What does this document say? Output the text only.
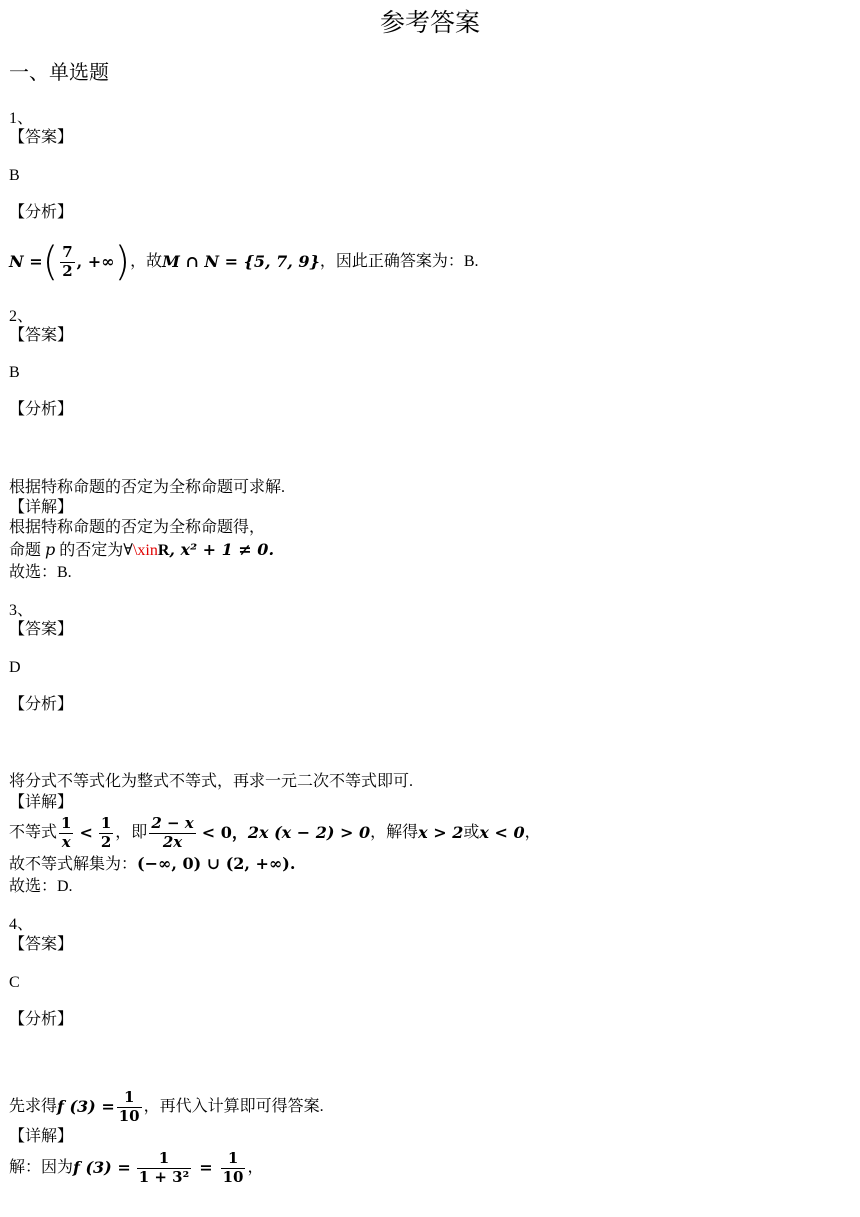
参考答案
一、单选题
1、
【答案】
B
【分析】
N = ( $\frac{7}{2}$ , +∞ ) ，故 M ∩ N = {5, 7, 9} ，因此正确答案为：B.
2、
【答案】
B
【分析】
根据特称命题的否定为全称命题可求解.
【详解】
根据特称命题的否定为全称命题得，
命题 p 的否定为∀\xinR, x² + 1 ≠ 0.
故选：B.
3、
【答案】
D
【分析】
将分式不等式化为整式不等式，再求一元二次不等式即可.
【详解】
不等式 $\frac{1}{x} < \frac{1}{2}$ ，即 $\frac{2 - x}{2x} < 0$， 2x (x − 2) > 0 ，解得 x > 2 或 x < 0 ，
故不等式解集为：(−∞, 0) ∪ (2, +∞).
故选：D.
4、
【答案】
C
【分析】
先求得 f $(3) = \frac{1}{10}$ ，再代入计算即可得答案.
【详解】
解：因为 f $(3) = \frac{1}{\text{1 + 3²}} = \frac{1}{10}$ ，
